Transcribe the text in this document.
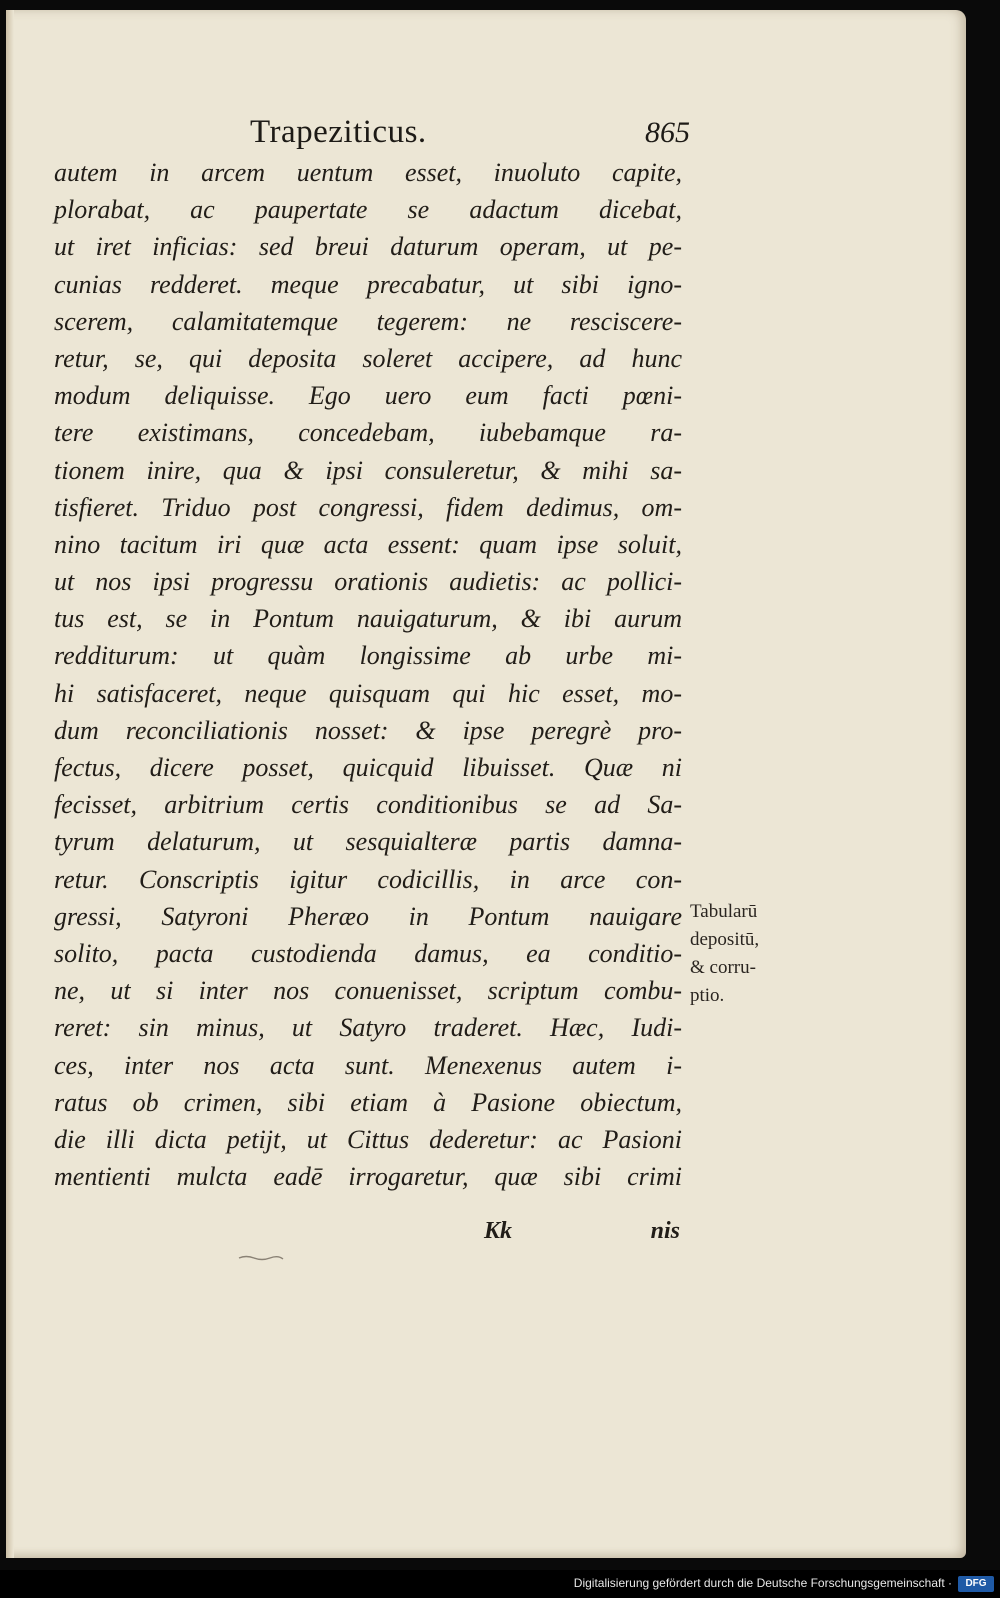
Trapeziticus.	865
autem in arcem uentum esset, inuoluto capite,
plorabat, ac paupertate se adactum dicebat,
ut iret inficias: sed breui daturum operam, ut pe-
cunias redderet. meque precabatur, ut sibi igno-
scerem, calamitatemque tegerem: ne resciscere-
retur, se, qui deposita soleret accipere, ad hunc
modum deliquisse. Ego uero eum facti pœni-
tere existimans, concedebam, iubebamque ra-
tionem inire, qua & ipsi consuleretur, & mihi sa-
tisfieret. Triduo post congressi, fidem dedimus, om-
nino tacitum iri quæ acta essent: quam ipse soluit,
ut nos ipsi progressu orationis audietis: ac pollici-
tus est, se in Pontum nauigaturum, & ibi aurum
redditurum: ut quàm longissime ab urbe mi-
hi satisfaceret, neque quisquam qui hic esset, mo-
dum reconciliationis nosset: & ipse peregrè pro-
fectus, dicere posset, quicquid libuisset. Quæ ni
fecisset, arbitrium certis conditionibus se ad Sa-
tyrum delaturum, ut sesquialteræ partis damna-
retur. Conscriptis igitur codicillis, in arce con-
gressi, Satyroni Pheræo in Pontum nauigare
solito, pacta custodienda damus, ea conditio-
ne, ut si inter nos conuenisset, scriptum combu-
reret: sin minus, ut Satyro traderet. Hæc, Iudi-
ces, inter nos acta sunt. Menexenus autem i-
ratus ob crimen, sibi etiam à Pasione obiectum,
die illi dicta petijt, ut Cittus dederetur: ac Pasioni
mentienti mulcta eadē irrogaretur, quæ sibi crimi
Tabularū
depositū,
& corru-
ptio.
Kk	nis
Digitalisierung gefördert durch die Deutsche Forschungsgemeinschaft ·	DFG
